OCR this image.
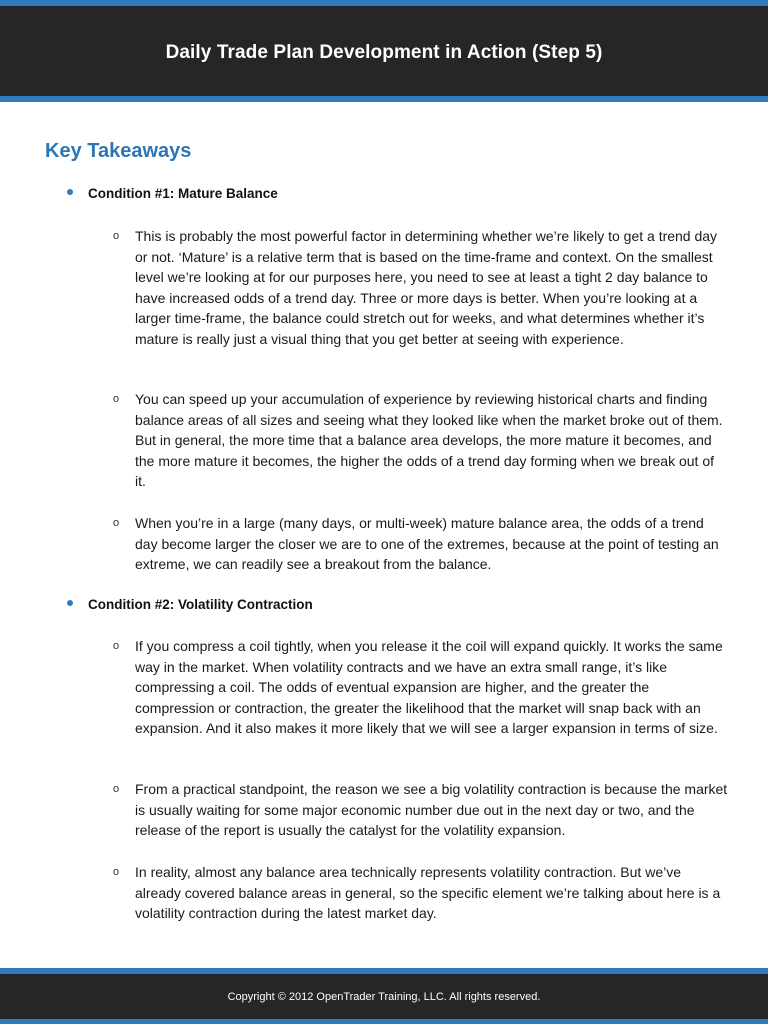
Daily Trade Plan Development in Action (Step 5)
Key Takeaways
Condition #1: Mature Balance
o This is probably the most powerful factor in determining whether we’re likely to get a trend day or not. ‘Mature’ is a relative term that is based on the time-frame and context. On the smallest level we’re looking at for our purposes here, you need to see at least a tight 2 day balance to have increased odds of a trend day. Three or more days is better. When you’re looking at a larger time-frame, the balance could stretch out for weeks, and what determines whether it’s mature is really just a visual thing that you get better at seeing with experience.
o You can speed up your accumulation of experience by reviewing historical charts and finding balance areas of all sizes and seeing what they looked like when the market broke out of them. But in general, the more time that a balance area develops, the more mature it becomes, and the more mature it becomes, the higher the odds of a trend day forming when we break out of it.
o When you’re in a large (many days, or multi-week) mature balance area, the odds of a trend day become larger the closer we are to one of the extremes, because at the point of testing an extreme, we can readily see a breakout from the balance.
Condition #2: Volatility Contraction
o If you compress a coil tightly, when you release it the coil will expand quickly. It works the same way in the market. When volatility contracts and we have an extra small range, it’s like compressing a coil. The odds of eventual expansion are higher, and the greater the compression or contraction, the greater the likelihood that the market will snap back with an expansion. And it also makes it more likely that we will see a larger expansion in terms of size.
o From a practical standpoint, the reason we see a big volatility contraction is because the market is usually waiting for some major economic number due out in the next day or two, and the release of the report is usually the catalyst for the volatility expansion.
o In reality, almost any balance area technically represents volatility contraction. But we’ve already covered balance areas in general, so the specific element we’re talking about here is a volatility contraction during the latest market day.
Copyright © 2012 OpenTrader Training, LLC. All rights reserved.
